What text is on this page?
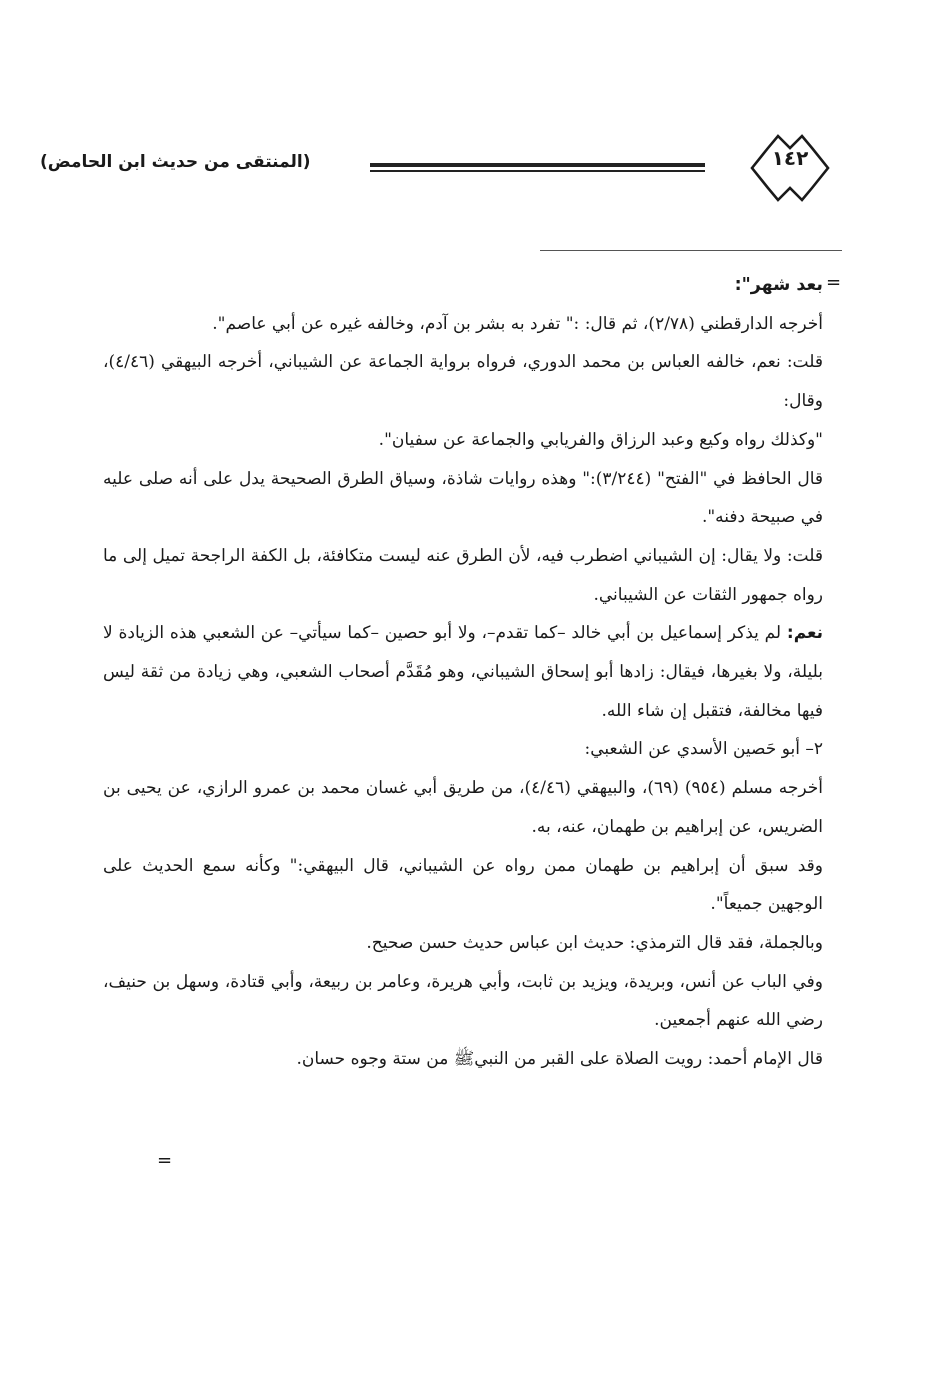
(المنتقى من حديث ابن الحامض)	١٤٢
=
=

بعد شهر":

أخرجه الدارقطني (٢/٧٨)، ثم قال: :" تفرد به بشر بن آدم، وخالفه غيره عن أبي عاصم".

قلت: نعم، خالفه العباس بن محمد الدوري، فرواه برواية الجماعة عن الشيباني، أخرجه البيهقي (٤/٤٦)، وقال:

"وكذلك رواه وكيع وعبد الرزاق والفريابي والجماعة عن سفيان".

قال الحافظ في "الفتح" (٣/٢٤٤):" وهذه روايات شاذة، وسياق الطرق الصحيحة يدل على أنه صلى عليه في صبيحة دفنه".

قلت: ولا يقال: إن الشيباني اضطرب فيه، لأن الطرق عنه ليست متكافئة، بل الكفة الراجحة تميل إلى ما رواه جمهور الثقات عن الشيباني.

نعم: لم يذكر إسماعيل بن أبي خالد –كما تقدم–، ولا أبو حصين –كما سيأتي– عن الشعبي هذه الزيادة لا بليلة، ولا بغيرها، فيقال: زادها أبو إسحاق الشيباني، وهو مُقَدَّم أصحاب الشعبي، وهي زيادة من ثقة ليس فيها مخالفة، فتقبل إن شاء الله.

٢– أبو حَصين الأسدي عن الشعبي:

أخرجه مسلم (٩٥٤) (٦٩)، والبيهقي (٤/٤٦)، من طريق أبي غسان محمد بن عمرو الرازي، عن يحيى بن الضريس، عن إبراهيم بن طهمان، عنه، به.

وقد سبق أن إبراهيم بن طهمان ممن رواه عن الشيباني، قال البيهقي:" وكأنه سمع الحديث على الوجهين جميعاً".

وبالجملة، فقد قال الترمذي: حديث ابن عباس حديث حسن صحيح.

وفي الباب عن أنس، وبريدة، ويزيد بن ثابت، وأبي هريرة، وعامر بن ربيعة، وأبي قتادة، وسهل بن حنيف، رضي الله عنهم أجمعين.

قال الإمام أحمد: رويت الصلاة على القبر من النبيﷺ من ستة وجوه حسان.
